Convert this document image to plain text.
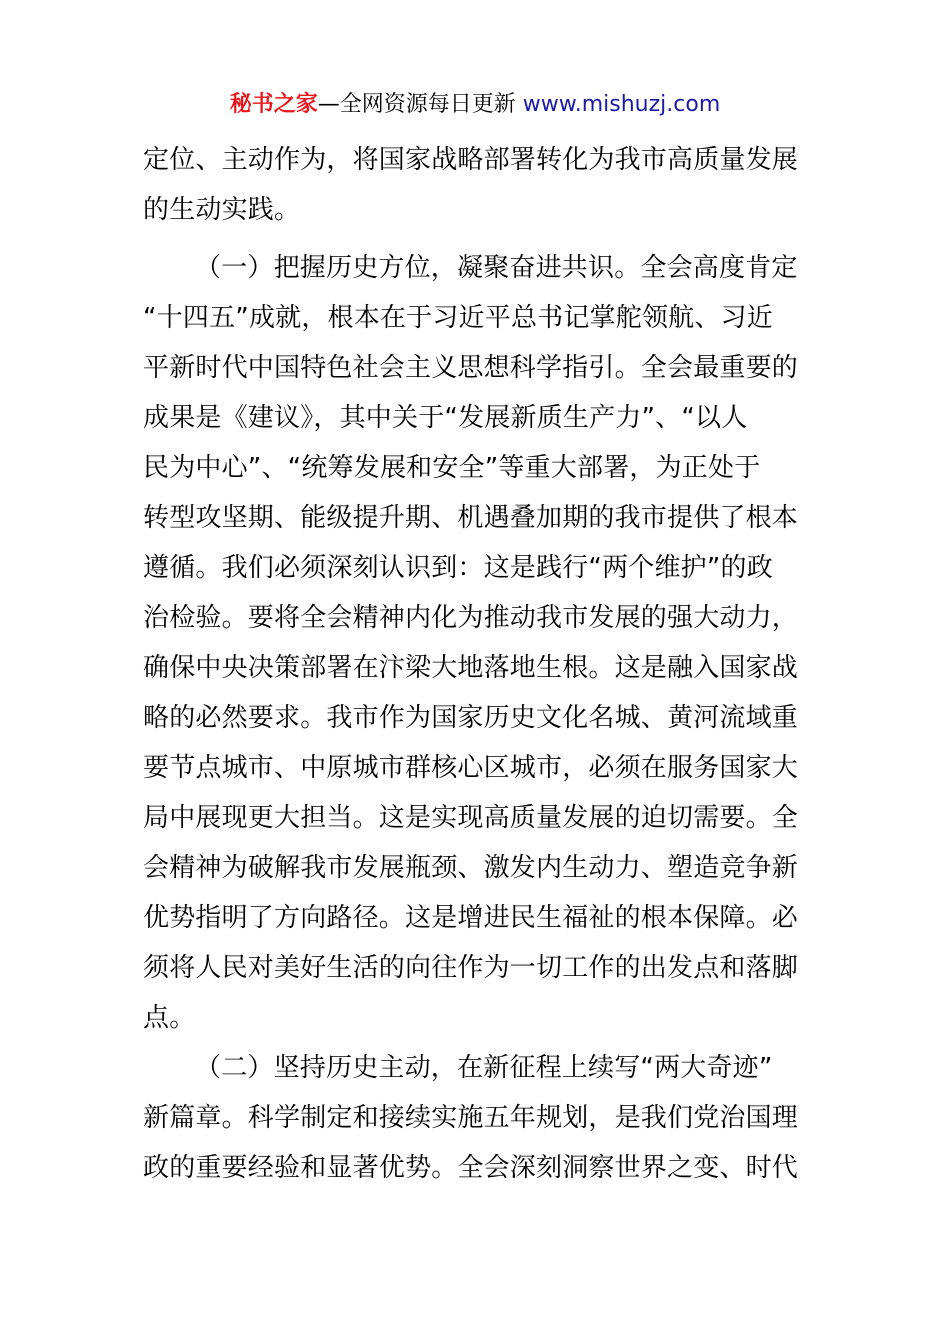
秘书之家—全网资源每日更新 www.mishuzj.com
定位、主动作为，将国家战略部署转化为我市高质量发展
的生动实践。
（一）把握历史方位，凝聚奋进共识。全会高度肯定
“十四五”成就，根本在于习近平总书记掌舵领航、习近
平新时代中国特色社会主义思想科学指引。全会最重要的
成果是《建议》，其中关于“发展新质生产力”、“以人
民为中心”、“统筹发展和安全”等重大部署，为正处于
转型攻坚期、能级提升期、机遇叠加期的我市提供了根本
遵循。我们必须深刻认识到：这是践行“两个维护”的政
治检验。要将全会精神内化为推动我市发展的强大动力，
确保中央决策部署在汴梁大地落地生根。这是融入国家战
略的必然要求。我市作为国家历史文化名城、黄河流域重
要节点城市、中原城市群核心区城市，必须在服务国家大
局中展现更大担当。这是实现高质量发展的迫切需要。全
会精神为破解我市发展瓶颈、激发内生动力、塑造竞争新
优势指明了方向路径。这是增进民生福祉的根本保障。必
须将人民对美好生活的向往作为一切工作的出发点和落脚
点。
（二）坚持历史主动，在新征程上续写“两大奇迹”
新篇章。科学制定和接续实施五年规划，是我们党治国理
政的重要经验和显著优势。全会深刻洞察世界之变、时代
